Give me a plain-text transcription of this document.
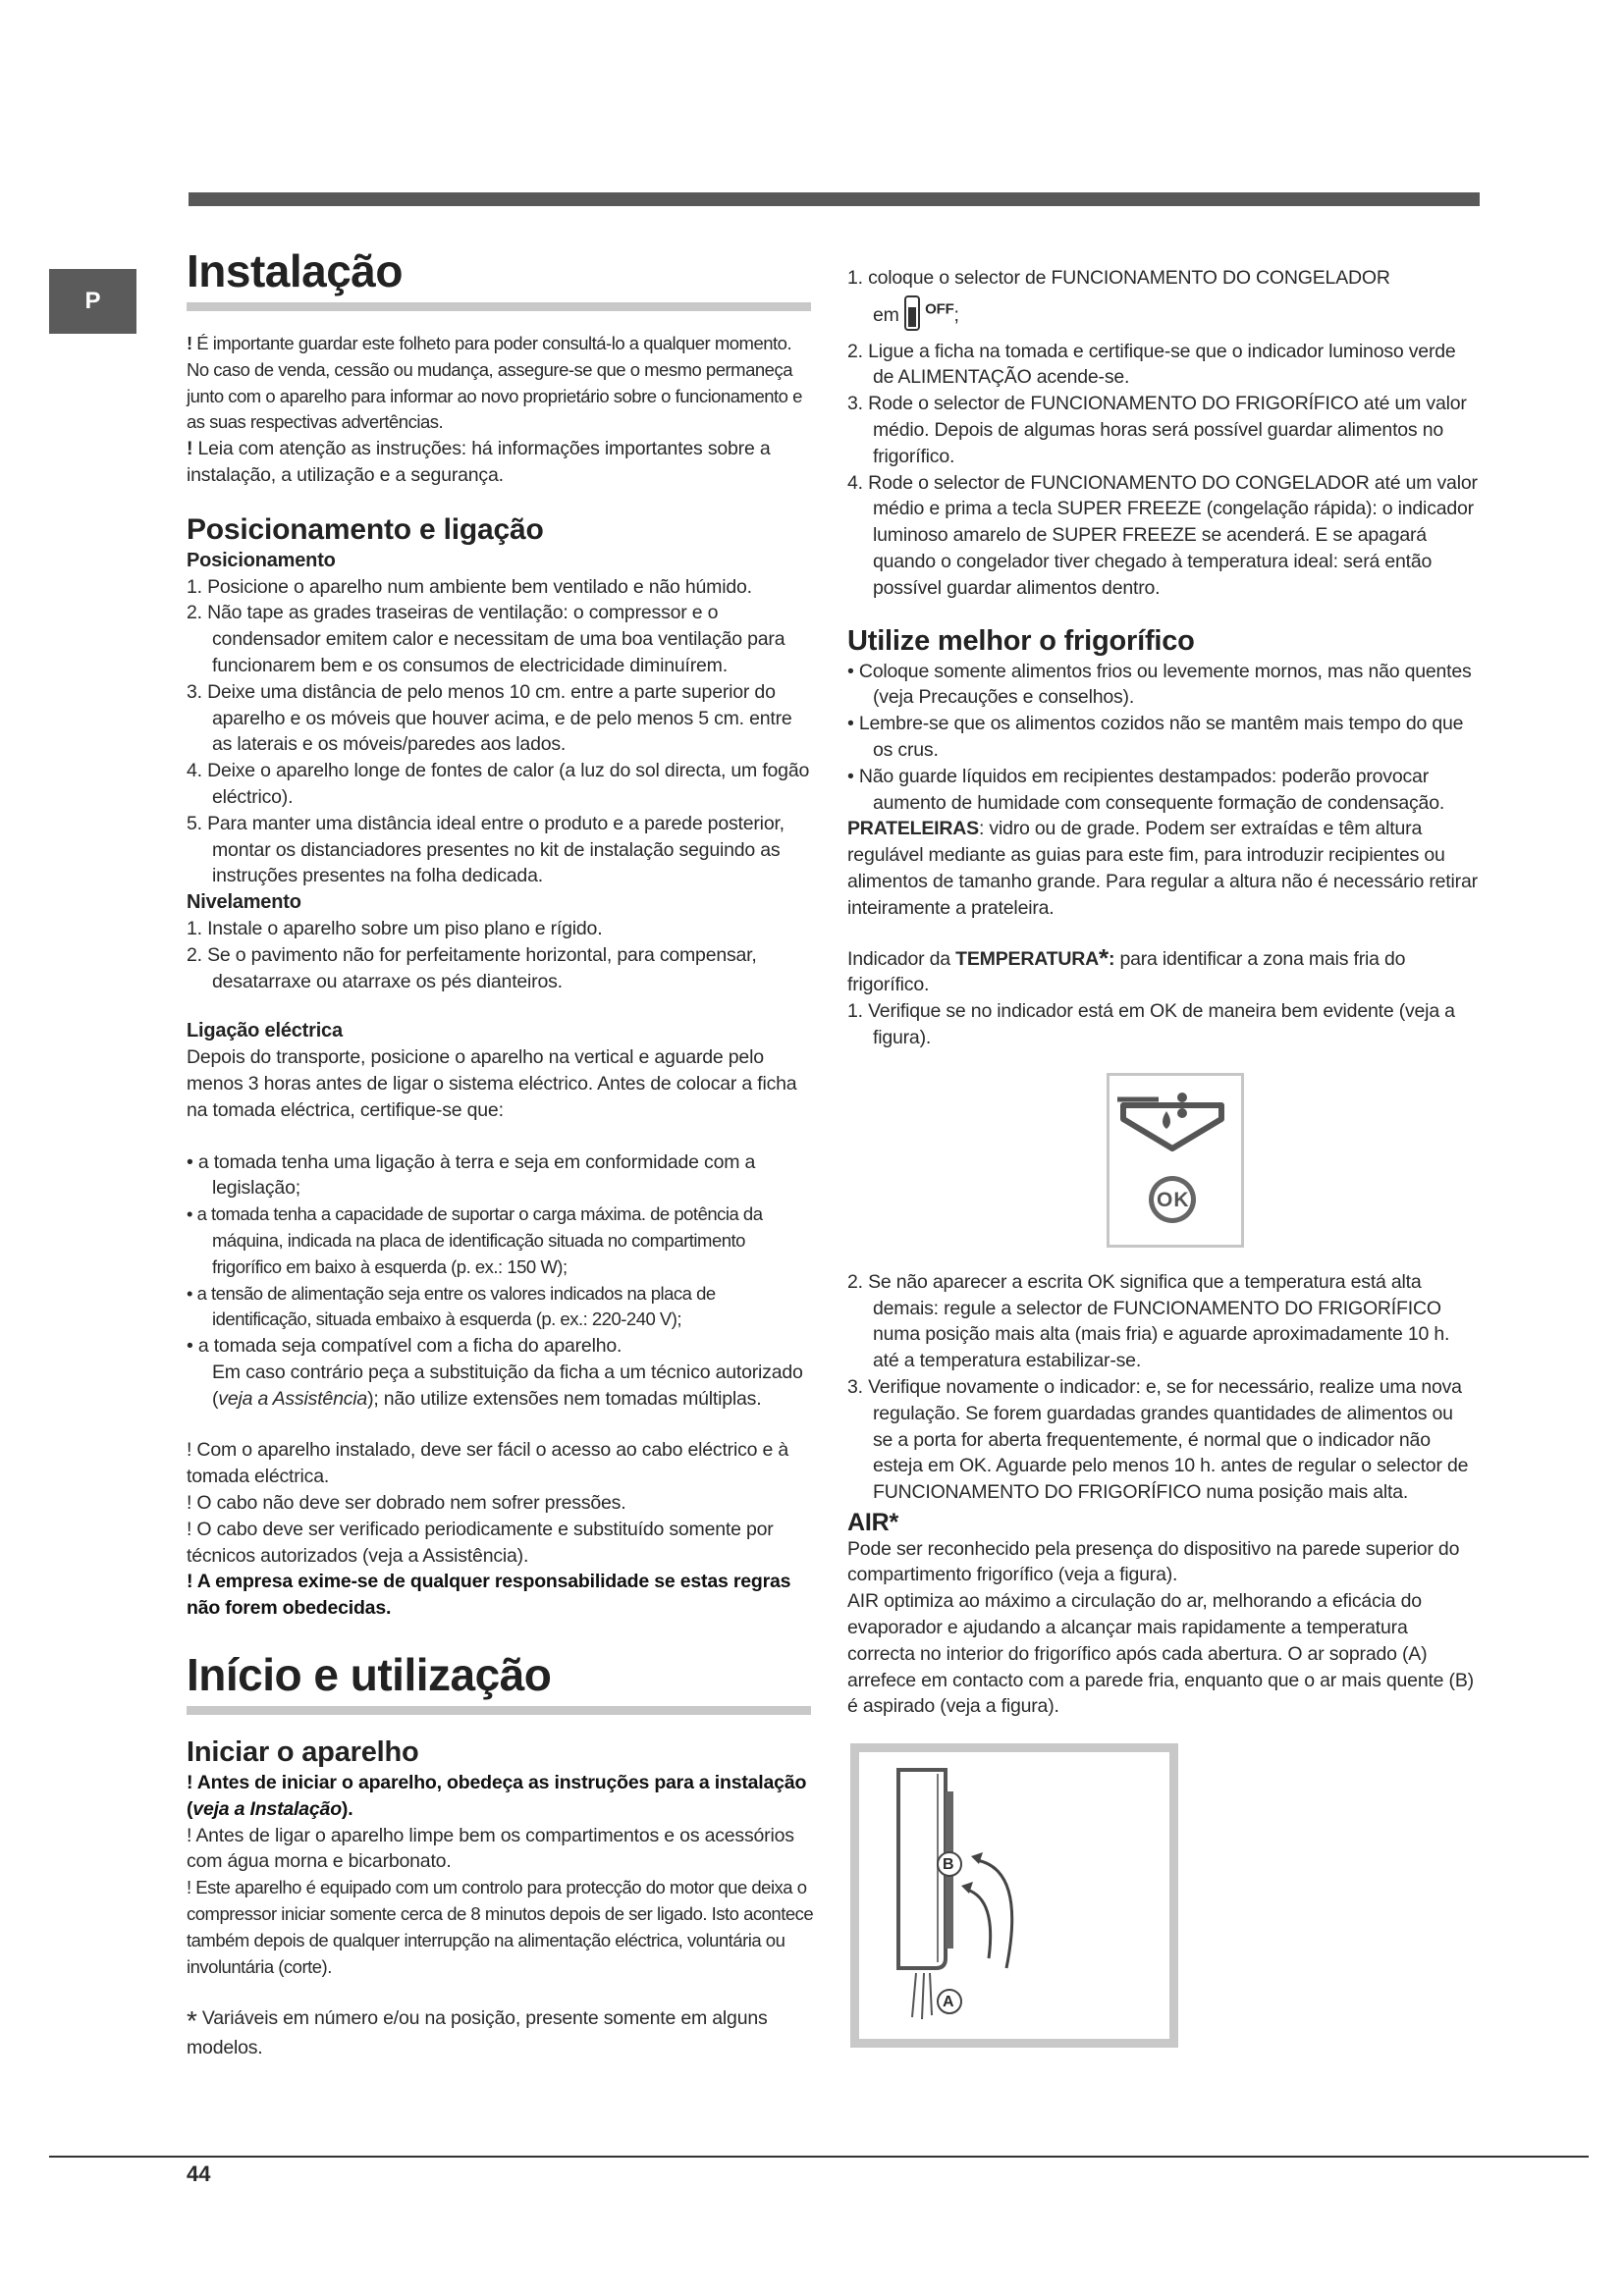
P
Instalação

! É importante guardar este folheto para poder consultá-lo a qualquer momento. No caso de venda, cessão ou mudança, assegure-se que o mesmo permaneça junto com o aparelho para informar ao novo proprietário sobre o funcionamento e as suas respectivas advertências.

! Leia com atenção as instruções: há informações importantes sobre a instalação, a utilização e a segurança.

Posicionamento e ligação
Posicionamento
1. Posicione o aparelho num ambiente bem ventilado e não húmido.
2. Não tape as grades traseiras de ventilação: o compressor e o condensador emitem calor e necessitam de uma boa ventilação para funcionarem bem e os consumos de electricidade diminuírem.
3. Deixe uma distância de pelo menos 10 cm. entre a parte superior do aparelho e os móveis que houver acima, e de pelo menos 5 cm. entre as laterais e os móveis/paredes aos lados.
4. Deixe o aparelho longe de fontes de calor (a luz do sol directa, um fogão eléctrico).
5. Para manter uma distância ideal entre o produto e a parede posterior, montar os distanciadores presentes no kit de instalação seguindo as instruções presentes na folha dedicada.
Nivelamento
1. Instale o aparelho sobre um piso plano e rígido.
2. Se o pavimento não for perfeitamente horizontal, para compensar, desatarraxe ou atarraxe os pés dianteiros.
Ligação eléctrica

Depois do transporte, posicione o aparelho na vertical e aguarde pelo menos 3 horas antes de ligar o sistema eléctrico. Antes de colocar a ficha na tomada eléctrica, certifique-se que:

• a tomada tenha uma ligação à terra e seja em conformidade com a legislação;
• a tomada tenha a capacidade de suportar o carga máxima. de potência da máquina, indicada na placa de identificação situada no compartimento frigorífico em baixo à esquerda (p. ex.: 150 W);
• a tensão de alimentação seja entre os valores indicados na placa de identificação, situada embaixo à esquerda (p. ex.: 220-240 V);
• a tomada seja compatível com a ficha do aparelho.
Em caso contrário peça a substituição da ficha a um técnico autorizado (veja a Assistência); não utilize extensões nem tomadas múltiplas.

! Com o aparelho instalado, deve ser fácil o acesso ao cabo eléctrico e à tomada eléctrica.

! O cabo não deve ser dobrado nem sofrer pressões.

! O cabo deve ser verificado periodicamente e substituído somente por técnicos autorizados (veja a Assistência).

! A empresa exime-se de qualquer responsabilidade se estas regras não forem obedecidas.

Início e utilização
Iniciar o aparelho

! Antes de iniciar o aparelho, obedeça as instruções para a instalação (veja a Instalação).

! Antes de ligar o aparelho limpe bem os compartimentos e os acessórios com água morna e bicarbonato.

! Este aparelho é equipado com um controlo para protecção do motor que deixa o compressor iniciar somente cerca de 8 minutos depois de ser ligado. Isto acontece também depois de qualquer interrupção na alimentação eléctrica, voluntária ou involuntária (corte).

* Variáveis em número e/ou na posição, presente somente em alguns modelos.

1. coloque o selector de FUNCIONAMENTO DO CONGELADOR

em $^{OFF}$;

2. Ligue a ficha na tomada e certifique-se que o indicador luminoso verde de ALIMENTAÇÃO acende-se.
3. Rode o selector de FUNCIONAMENTO DO FRIGORÍFICO até um valor médio. Depois de algumas horas será possível guardar alimentos no frigorífico.
4. Rode o selector de FUNCIONAMENTO DO CONGELADOR até um valor médio e prima a tecla SUPER FREEZE (congelação rápida): o indicador luminoso amarelo de SUPER FREEZE se acenderá. E se apagará quando o congelador tiver chegado à temperatura ideal: será então possível guardar alimentos dentro.
Utilize melhor o frigorífico
• Coloque somente alimentos frios ou levemente mornos, mas não quentes (veja Precauções e conselhos).
• Lembre-se que os alimentos cozidos não se mantêm mais tempo do que os crus.
• Não guarde líquidos em recipientes destampados: poderão provocar aumento de humidade com consequente formação de condensação.

PRATELEIRAS: vidro ou de grade. Podem ser extraídas e têm altura regulável mediante as guias para este fim, para introduzir recipientes ou alimentos de tamanho grande. Para regular a altura não é necessário retirar inteiramente a prateleira.

Indicador da TEMPERATURA*: para identificar a zona mais fria do frigorífico.

1. Verifique se no indicador está em OK de maneira bem evidente (veja a figura).
OK
2. Se não aparecer a escrita OK significa que a temperatura está alta demais: regule a selector de FUNCIONAMENTO DO FRIGORÍFICO numa posição mais alta (mais fria) e aguarde aproximadamente 10 h. até a temperatura estabilizar-se.
3. Verifique novamente o indicador: e, se for necessário, realize uma nova regulação. Se forem guardadas grandes quantidades de alimentos ou se a porta for aberta frequentemente, é normal que o indicador não esteja em OK. Aguarde pelo menos 10 h. antes de regular o selector de FUNCIONAMENTO DO FRIGORÍFICO numa posição mais alta.
AIR*

Pode ser reconhecido pela presença do dispositivo na parede superior do compartimento frigorífico (veja a figura).

AIR optimiza ao máximo a circulação do ar, melhorando a eficácia do evaporador e ajudando a alcançar mais rapidamente a temperatura correcta no interior do frigorífico após cada abertura. O ar soprado (A) arrefece em contacto com a parede fria, enquanto que o ar mais quente (B) é aspirado (veja a figura).

B
A
44
